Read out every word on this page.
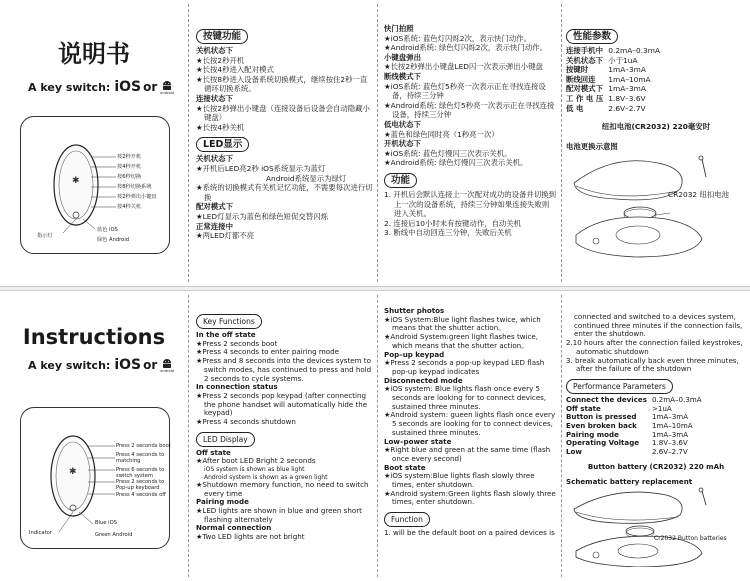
说明书
A key switch: iOS or android
✱
按2秒开机
按4秒开机
按6秒切换
按8秒切换系统
按2秒弹出小键盘
按4秒关机
指示灯
蓝色 iOS
绿色 Android
按键功能
关机状态下
★长按2秒开机
★长按4秒进入配对模式
★长按8秒进入设备系统切换模式，继续按住2秒一直循环切换系统。
连接状态下
★长按2秒弹出小键盘（连接设备后设备会自动隐藏小键盘）
★长按4秒关机
LED显示
关机状态下
★开机后LED亮2秒 iOS系统显示为蓝灯
Android系统显示为绿灯
★系统的切换模式有关机记忆功能，不需要每次进行切换
配对模式下
★LED灯显示为蓝色和绿色短促交替闪烁
正常连接中
★两LED灯都不亮
快门拍照
★iOS系统: 蓝色灯闪烁2次，表示快门动作。
★Android系统: 绿色灯闪烁2次，表示快门动作。
小键盘弹出
★长按2秒弹出小键盘LED闪一次表示弹出小键盘
断线模式下
★iOS系统: 蓝色灯5秒亮一次表示正在寻找连接设备，持续三分钟
★Android系统: 绿色灯5秒亮一次表示正在寻找连接设备，持续三分钟
低电状态下
★蓝色和绿色同时亮（1秒亮一次）
开机状态下
★iOS系统: 蓝色灯慢闪三次表示关机。
★Android系统: 绿色灯慢闪三次表示关机。
功能
1. 开机后会默认连接上一次配对成功的设备并切换到上一次的设备系统，持续三分钟如果连接失败则进入关机。
2. 连接后10小时未有按键动作，自动关机
3. 断线中自动回连三分钟，失败后关机
性能参数
连接手机中	0.2mA–0.3mA
关机状态下	小于1uA
按键时	1mA–3mA
断线回连	1mA–10mA
配对模式下	1mA–3mA
工 作 电 压	1.8V–3.6V
低 电	2.6V–2.7V
纽扣电池(CR2032) 220毫安时
电池更换示意图
CR2032 纽扣电池
Instructions
A key switch: iOS or android
✱
Press 2 seconds boot
Press 4 seconds to matching
Press 6 seconds to switch system
Press 2 seconds to Pop-up keyboard
Press 4 seconds off
Indicator
Blue iOS
Green Android
Key Functions
In the off state
★Press 2 seconds boot
★Press 4 seconds to enter pairing mode
★Press and 8 seconds into the devices system to switch modes, has continued to press and hold 2 seconds to cycle systems.
In connection status
★Press 2 seconds pop keypad (after connecting the phone handset will automatically hide the keypad)
★Press 4 seconds shutdown
LED Display
Off state
★After boot LED Bright 2 seconds
iOS system is shown as blue light
Android system is shown as a green light
★Shutdown memory function, no need to switch every time
Pairing mode
★LED lights are shown in blue and green short flashing alternately
Normal connection
★Two LED lights are not bright
Shutter photos
★iOS System:Blue light flashes twice, which means that the shutter action。
★Android System:green light flashes twice, which means that the shutter action。
Pop–up keypad
★Press 2 seconds a pop-up keypad LED flash pop-up keypad indicates
Disconnected mode
★iOS system: Blue lights flash once every 5 seconds are looking for to connect devices, sustained three minutes.
★Android system: gueen lights flash once every 5 seconds are looking for to connect devices, sustained three minutes.
Low–power state
★Right blue and green at the same time (flash once every second)
Boot state
★iOS system:Blue lights flash slowly three times, enter shutdown.
★Android system:Green lights flash slowly three times, enter shutdown.
Function
1. will be the default boot on a paired devices is
connected and switched to a devices system, continued three minutes if the connection fails, enter the shutdown.
2.10 hours after the connection failed keystrokes, automatic shutdown
3. break automatically back even three minutes, after the failure of the shutdown
Performance Parameters
Connect the devices	0.2mA–0.3mA
Off state	>1uA
Button is pressed	1mA–3mA
Even broken back	1mA–10mA
Pairing mode	1mA–3mA
Operating Voltage	1.8V–3.6V
Low	2.6V–2.7V
Button battery (CR2032) 220 mAh
Schematic battery replacement
Cr2032 Button batteries
